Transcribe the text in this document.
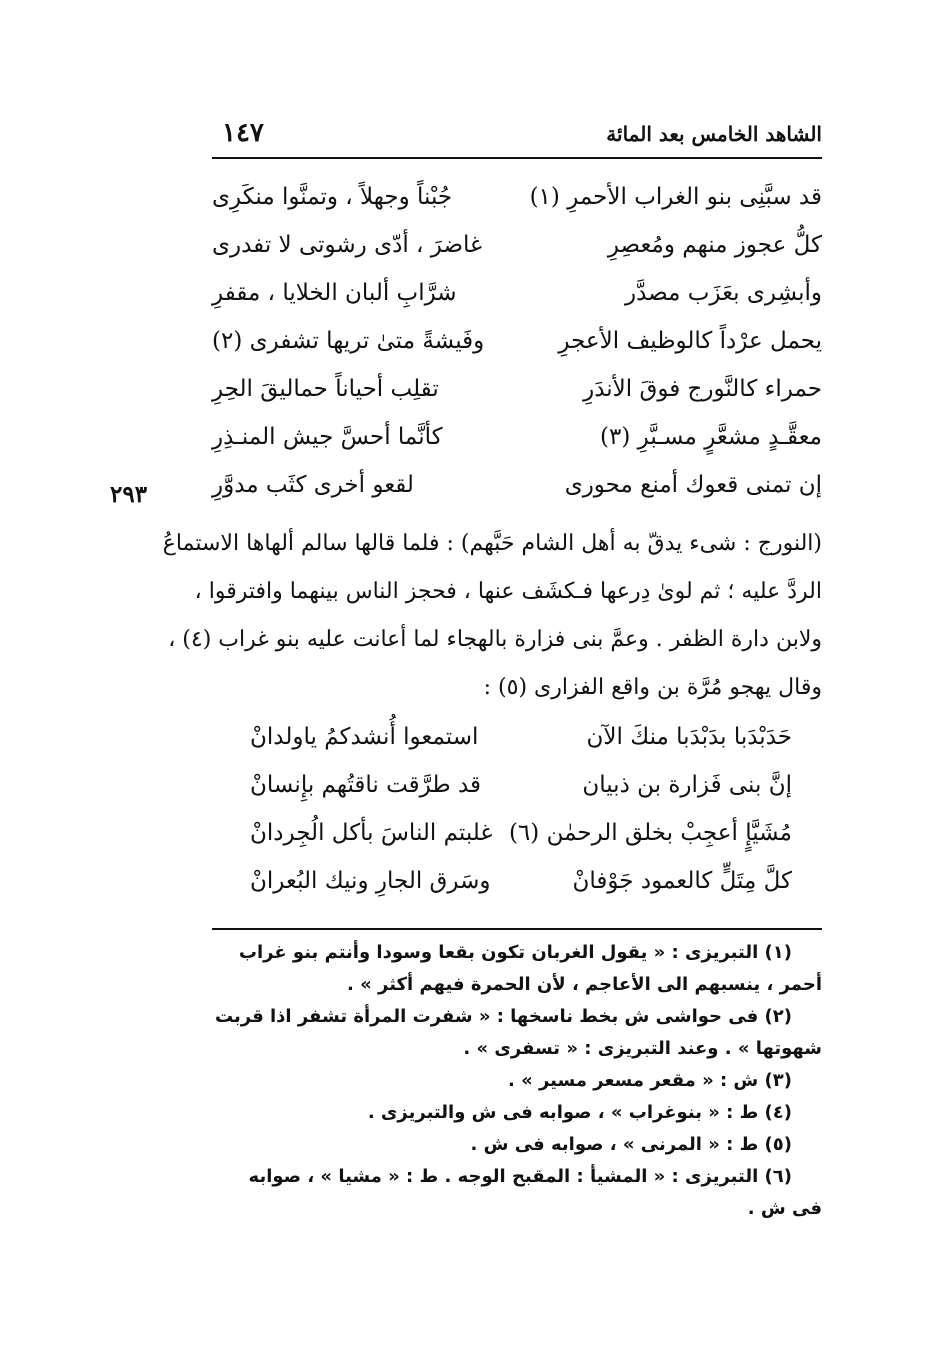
الشاهد الخامس بعد المائة
١٤٧
قد سبَّنِى بنو الغراب الأحمرِ (١)
جُبْناً وجهلاً ، وتمنَّوا منكَرِى
كلُّ عجوز منهم ومُعصِرِ
غاضرَ ، أدّى رشوتى لا تفدرى
وأبشِرى بعَزَب مصدَّر
شرَّابِ ألبان الخلايا ، مقفرِ
يحمل عرْداً كالوظيف الأعجرِ
وفَيشةً متىٰ تريها تشفرى (٢)
حمراء كالنَّورج فوقَ الأندَرِ
تقلِب أحياناً حماليقَ الحِرِ
معقَّـدٍ مشعَّرٍ مسـبَّرِ (٣)
كأنَّما أحسَّ جيش المنـذِرِ
إن تمنى قعوك أمنع محورى
لقعو أخرى كثَب مدوَّرِ
٢٩٣
(النورج : شىء يدقّ به أهل الشام حَبَّهم) : فلما قالها سالم ألهاها الاستماعُ
الردَّ عليه ؛ ثم لوىٰ دِرعها فـكشَف عنها ، فحجز الناس بينهما وافترقوا ،
ولابن دارة الظفر . وعمَّ بنى فزارة بالهجاء لما أعانت عليه بنو غراب (٤) ،
وقال يهجو مُرَّة بن واقع الفزارى (٥) :
حَدَبْدَبا بدَبْدَبا منكَ الآن
استمعوا أُنشدكمُ ياولدانْ
إنَّ بنى فَزارة بن ذبيان
قد طرَّقت ناقتُهم بإِنسانْ
مُشَيَّإٍ أعجِبْ بخلق الرحمٰن (٦)
غلبتم الناسَ بأكل الُجِردانْ
كلَّ مِتَلٍّ كالعمود جَوْفانْ
وسَرق الجارِ ونيك البُعرانْ
(١) التبريزى : « يقول الغربان تكون بقعا وسودا وأنتم بنو غراب
أحمر ، ينسبهم الى الأعاجم ، لأن الحمرة فيهم أكثر » .
(٢) فى حواشى ش بخط ناسخها : « شفرت المرأة تشفر اذا قربت
شهوتها » . وعند التبريزى : « تسفرى » .
(٣) ش : « مقعر مسعر مسير » .
(٤) ط : « بنوغراب » ، صوابه فى ش والتبريزى .
(٥) ط : « المرنى » ، صوابه فى ش .
(٦) التبريزى : « المشيأ : المقبح الوجه . ط : « مشيا » ، صوابه
فى ش .
